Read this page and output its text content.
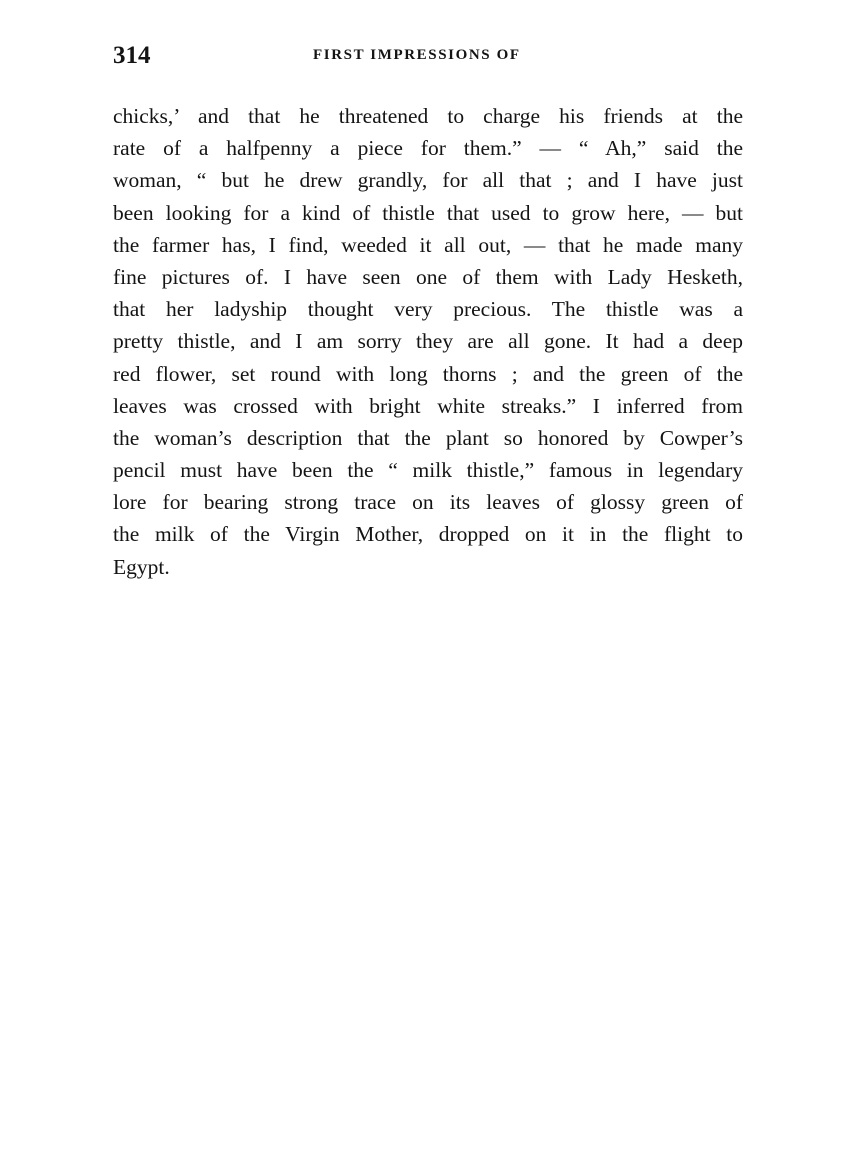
314	FIRST IMPRESSIONS OF
chicks,’ and that he threatened to charge his friends at the
rate of a halfpenny a piece for them.” — “ Ah,” said the
woman, “ but he drew grandly, for all that ; and I have just
been looking for a kind of thistle that used to grow here, — but
the farmer has, I find, weeded it all out, — that he made many
fine pictures of. I have seen one of them with Lady Hesketh,
that her ladyship thought very precious. The thistle was a
pretty thistle, and I am sorry they are all gone. It had a deep
red flower, set round with long thorns ; and the green of the
leaves was crossed with bright white streaks.” I inferred from
the woman’s description that the plant so honored by Cowper’s
pencil must have been the “ milk thistle,” famous in legendary
lore for bearing strong trace on its leaves of glossy green of
the milk of the Virgin Mother, dropped on it in the flight to
Egypt.
